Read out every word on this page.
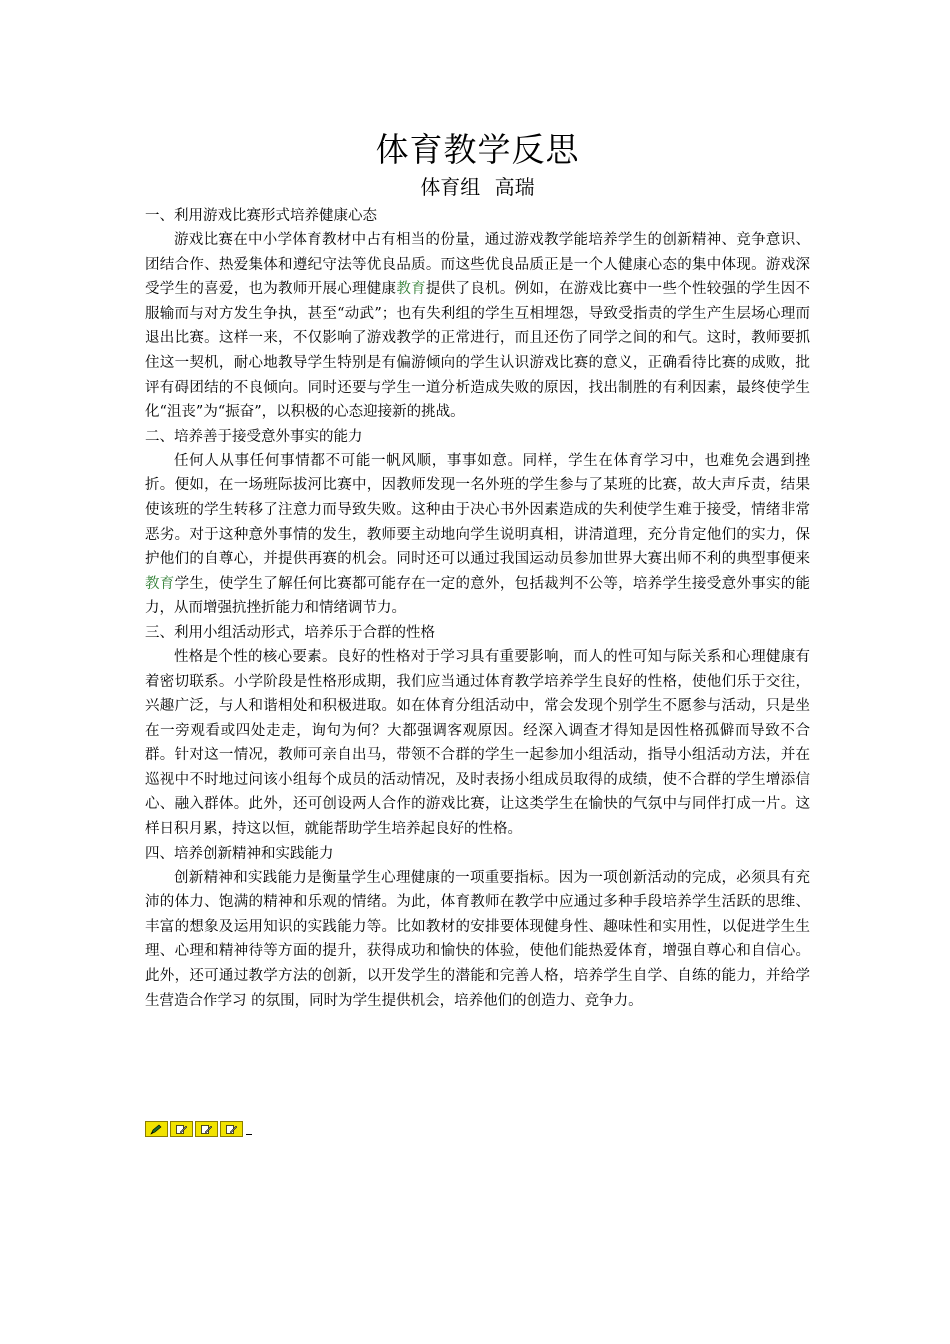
体育教学反思
体育组 高瑞

一、利用游戏比赛形式培养健康心态

游戏比赛在中小学体育教材中占有相当的份量，通过游戏教学能培养学生的创新精神、竞争意识、团结合作、热爱集体和遵纪守法等优良品质。而这些优良品质正是一个人健康心态的集中体现。游戏深受学生的喜爱，也为教师开展心理健康教育提供了良机。例如，在游戏比赛中一些个性较强的学生因不服输而与对方发生争执，甚至“动武”；也有失利组的学生互相埋怨，导致受指责的学生产生层场心理而退出比赛。这样一来，不仅影响了游戏教学的正常进行，而且还伤了同学之间的和气。这时，教师要抓住这一契机，耐心地教导学生特别是有偏游倾向的学生认识游戏比赛的意义，正确看待比赛的成败，批评有碍团结的不良倾向。同时还要与学生一道分析造成失败的原因，找出制胜的有利因素，最终使学生化“沮丧”为“振奋”，以积极的心态迎接新的挑战。

二、培养善于接受意外事实的能力

任何人从事任何事情都不可能一帆风顺，事事如意。同样，学生在体育学习中，也难免会遇到挫折。便如，在一场班际拔河比赛中，因教师发现一名外班的学生参与了某班的比赛，故大声斥责，结果使该班的学生转移了注意力而导致失败。这种由于决心书外因素造成的失利使学生难于接受，情绪非常恶劣。对于这种意外事情的发生，教师要主动地向学生说明真相，讲清道理，充分肯定他们的实力，保护他们的自尊心，并提供再赛的机会。同时还可以通过我国运动员参加世界大赛出师不利的典型事便来教育学生，使学生了解任何比赛都可能存在一定的意外，包括裁判不公等，培养学生接受意外事实的能力，从而增强抗挫折能力和情绪调节力。

三、利用小组活动形式，培养乐于合群的性格

性格是个性的核心要素。良好的性格对于学习具有重要影响，而人的性可知与际关系和心理健康有着密切联系。小学阶段是性格形成期，我们应当通过体育教学培养学生良好的性格，使他们乐于交往，兴趣广泛，与人和谐相处和积极进取。如在体育分组活动中，常会发现个别学生不愿参与活动，只是坐在一旁观看或四处走走，询句为何？大都强调客观原因。经深入调查才得知是因性格孤僻而导致不合群。针对这一情况，教师可亲自出马，带领不合群的学生一起参加小组活动，指导小组活动方法，并在巡视中不时地过问该小组每个成员的活动情况，及时表扬小组成员取得的成绩，使不合群的学生增添信心、融入群体。此外，还可创设两人合作的游戏比赛，让这类学生在愉快的气氛中与同伴打成一片。这样日积月累，持这以恒，就能帮助学生培养起良好的性格。

四、培养创新精神和实践能力

创新精神和实践能力是衡量学生心理健康的一项重要指标。因为一项创新活动的完成，必须具有充沛的体力、饱满的精神和乐观的情绪。为此，体育教师在教学中应通过多种手段培养学生活跃的思维、丰富的想象及运用知识的实践能力等。比如教材的安排要体现健身性、趣味性和实用性，以促进学生生理、心理和精神待等方面的提升，获得成功和愉快的体验，使他们能热爱体育，增强自尊心和自信心。此外，还可通过教学方法的创新，以开发学生的潜能和完善人格，培养学生自学、自练的能力，并给学生营造合作学习 的氛围，同时为学生提供机会，培养他们的创造力、竞争力。
